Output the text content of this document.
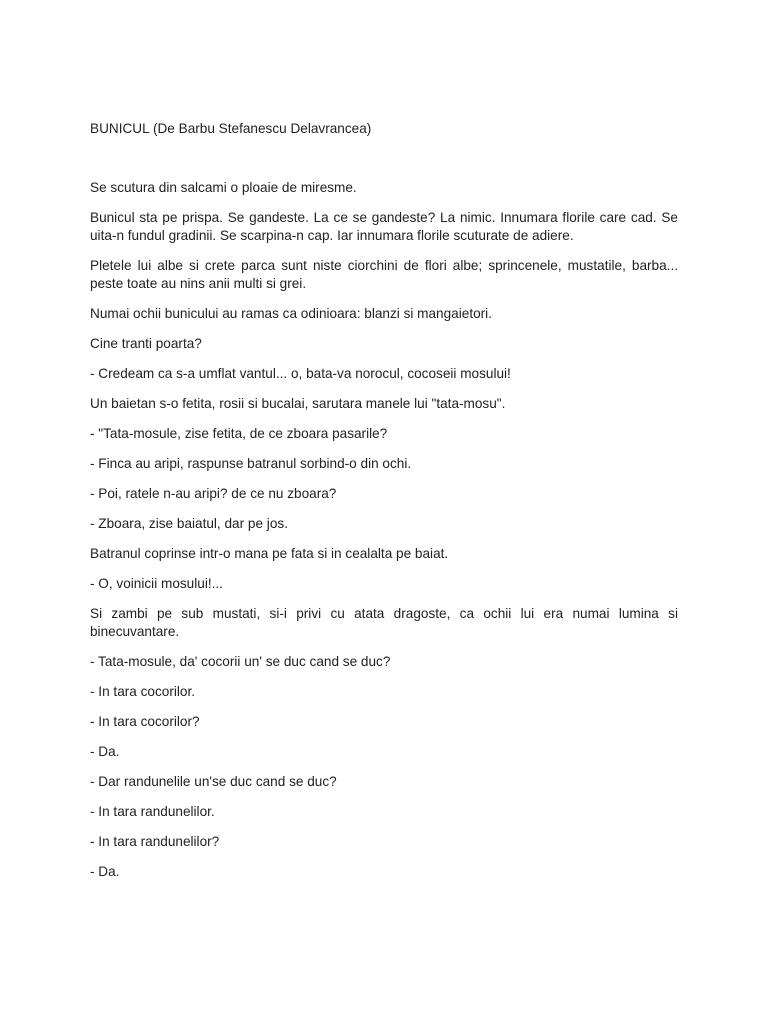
BUNICUL (De Barbu Stefanescu Delavrancea)

Se scutura din salcami o ploaie de miresme.

Bunicul sta pe prispa. Se gandeste. La ce se gandeste? La nimic. Innumara florile care cad. Se uita-n fundul gradinii. Se scarpina-n cap. Iar innumara florile scuturate de adiere.

Pletele lui albe si crete parca sunt niste ciorchini de flori albe; sprincenele, mustatile, barba... peste toate au nins anii multi si grei.

Numai ochii bunicului au ramas ca odinioara: blanzi si mangaietori.

Cine tranti poarta?

- Credeam ca s-a umflat vantul... o, bata-va norocul, cocoseii mosului!

Un baietan s-o fetita, rosii si bucalai, sarutara manele lui "tata-mosu".

- "Tata-mosule, zise fetita, de ce zboara pasarile?

- Finca au aripi, raspunse batranul sorbind-o din ochi.

- Poi, ratele n-au aripi? de ce nu zboara?

- Zboara, zise baiatul, dar pe jos.

Batranul coprinse intr-o mana pe fata si in cealalta pe baiat.

- O, voinicii mosului!...

Si zambi pe sub mustati, si-i privi cu atata dragoste, ca ochii lui era numai lumina si binecuvantare.

- Tata-mosule, da' cocorii un' se duc cand se duc?

- In tara cocorilor.

- In tara cocorilor?

- Da.

- Dar randunelile un'se duc cand se duc?

- In tara randunelilor.

- In tara randunelilor?

- Da.
